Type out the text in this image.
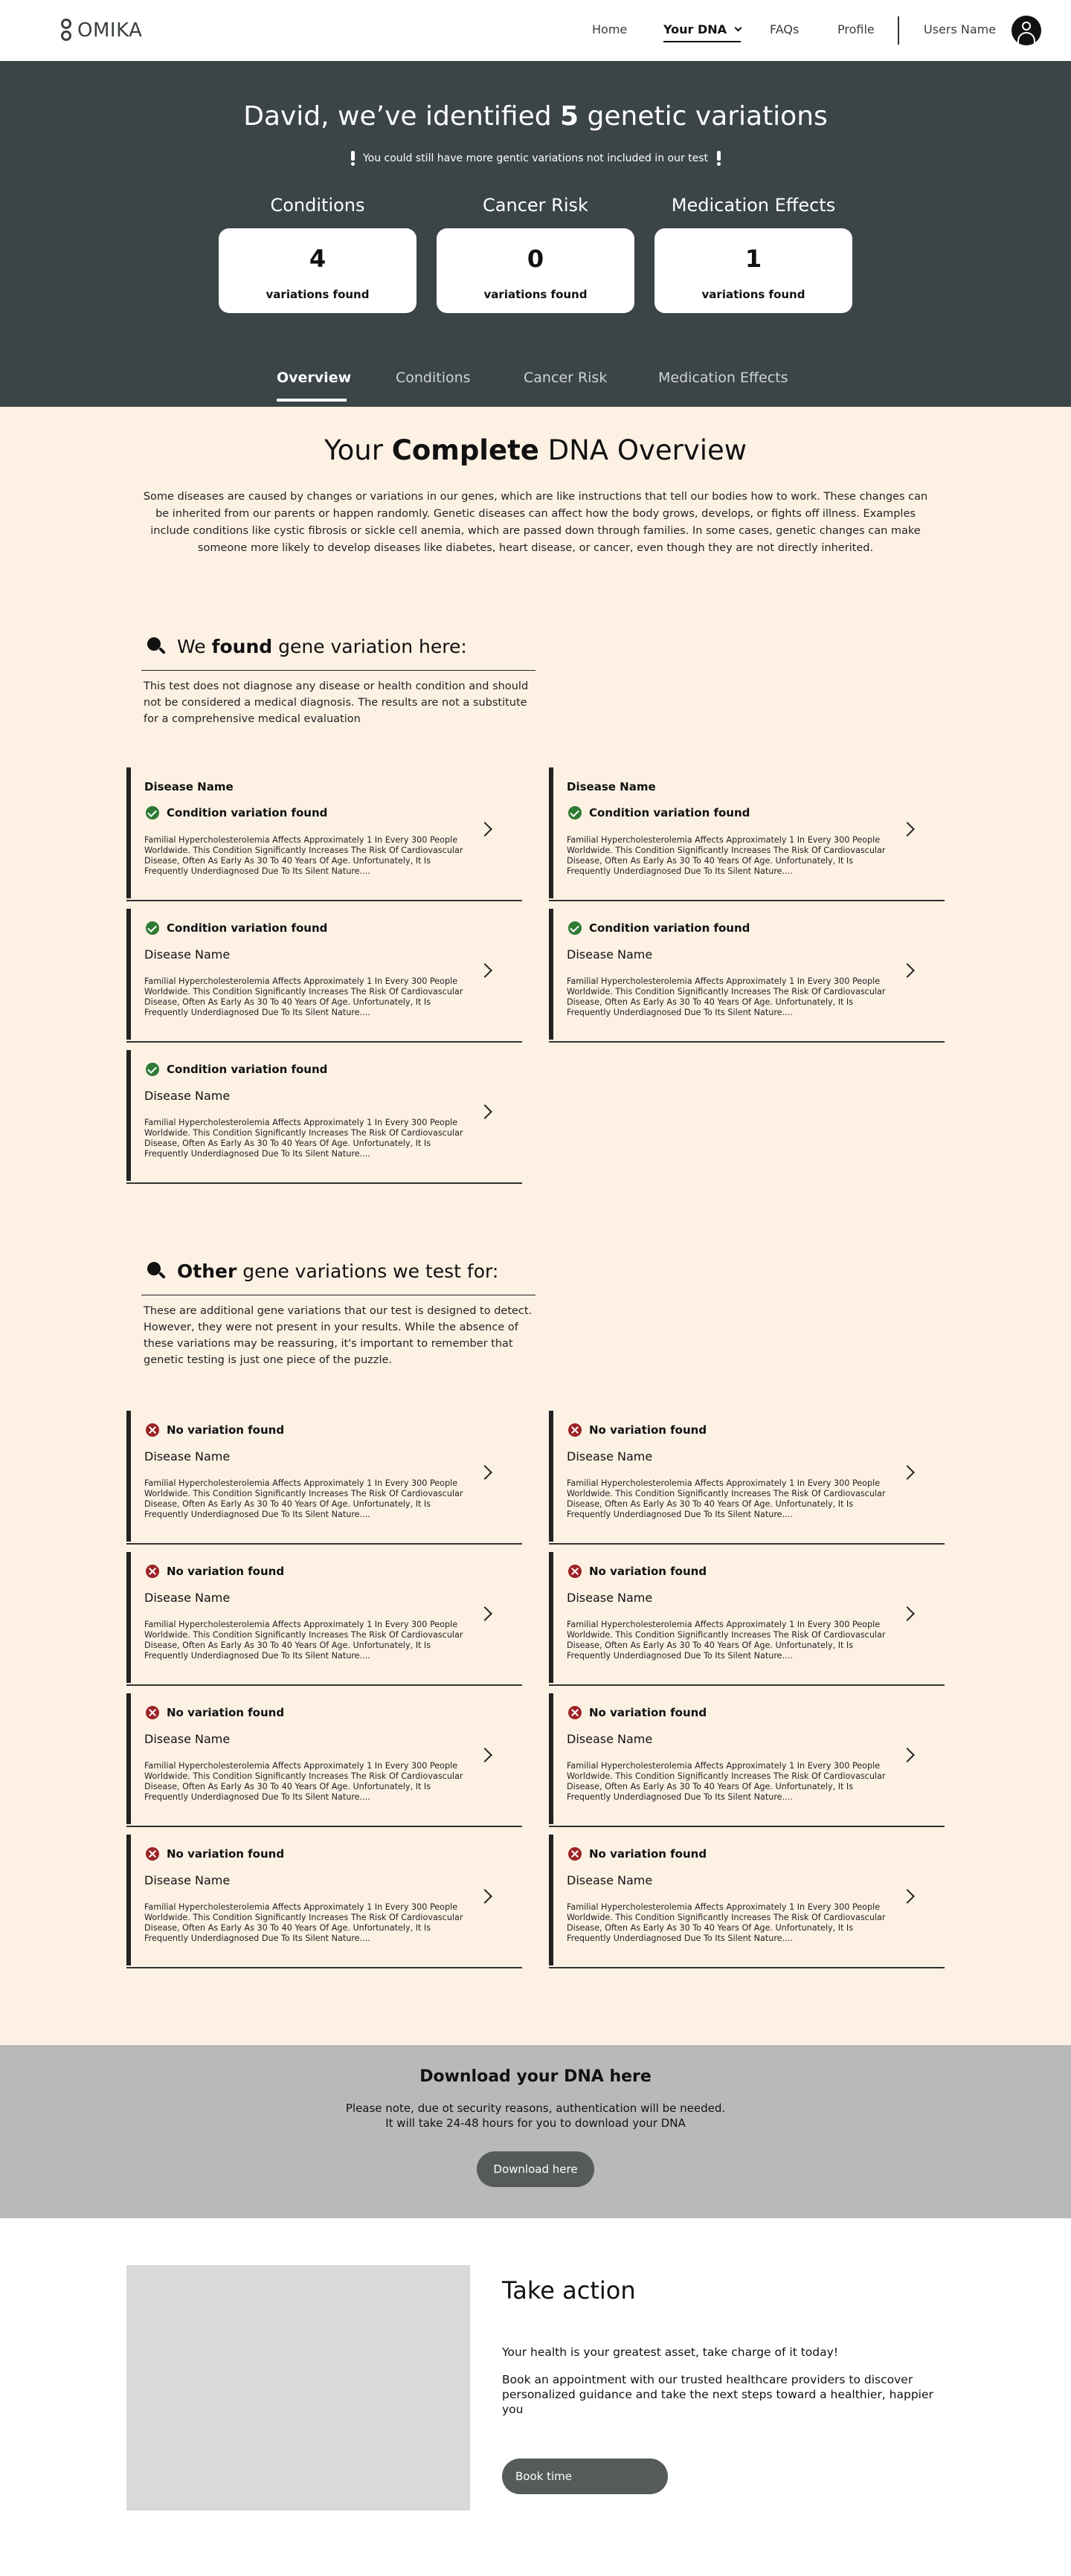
OMIKA	Home	Your DNA	FAQs	Profile	Users Name
David, we’ve identified 5 genetic variations
You could still have more gentic variations not included in our test
Conditions
4
variations found
Cancer Risk
0
variations found
Medication Effects
1
variations found
Overview	Conditions	Cancer Risk	Medication Effects
Your Complete DNA Overview

Some diseases are caused by changes or variations in our genes, which are like instructions that tell our bodies how to work. These changes can be inherited from our parents or happen randomly. Genetic diseases can affect how the body grows, develops, or fights off illness. Examples include conditions like cystic fibrosis or sickle cell anemia, which are passed down through families. In some cases, genetic changes can make someone more likely to develop diseases like diabetes, heart disease, or cancer, even though they are not directly inherited.

We found gene variation here:

This test does not diagnose any disease or health condition and should not be considered a medical diagnosis. The results are not a substitute for a comprehensive medical evaluation

Disease Name
Condition variation found
Familial Hypercholesterolemia Affects Approximately 1 In Every 300 People Worldwide. This Condition Significantly Increases The Risk Of Cardiovascular Disease, Often As Early As 30 To 40 Years Of Age. Unfortunately, It Is Frequently Underdiagnosed Due To Its Silent Nature....
Disease Name
Condition variation found
Familial Hypercholesterolemia Affects Approximately 1 In Every 300 People Worldwide. This Condition Significantly Increases The Risk Of Cardiovascular Disease, Often As Early As 30 To 40 Years Of Age. Unfortunately, It Is Frequently Underdiagnosed Due To Its Silent Nature....
Condition variation found
Disease Name
Familial Hypercholesterolemia Affects Approximately 1 In Every 300 People Worldwide. This Condition Significantly Increases The Risk Of Cardiovascular Disease, Often As Early As 30 To 40 Years Of Age. Unfortunately, It Is Frequently Underdiagnosed Due To Its Silent Nature....
Condition variation found
Disease Name
Familial Hypercholesterolemia Affects Approximately 1 In Every 300 People Worldwide. This Condition Significantly Increases The Risk Of Cardiovascular Disease, Often As Early As 30 To 40 Years Of Age. Unfortunately, It Is Frequently Underdiagnosed Due To Its Silent Nature....
Condition variation found
Disease Name
Familial Hypercholesterolemia Affects Approximately 1 In Every 300 People Worldwide. This Condition Significantly Increases The Risk Of Cardiovascular Disease, Often As Early As 30 To 40 Years Of Age. Unfortunately, It Is Frequently Underdiagnosed Due To Its Silent Nature....
Other gene variations we test for:

These are additional gene variations that our test is designed to detect. However, they were not present in your results. While the absence of these variations may be reassuring, it's important to remember that genetic testing is just one piece of the puzzle.

No variation found
Disease Name
Familial Hypercholesterolemia Affects Approximately 1 In Every 300 People Worldwide. This Condition Significantly Increases The Risk Of Cardiovascular Disease, Often As Early As 30 To 40 Years Of Age. Unfortunately, It Is Frequently Underdiagnosed Due To Its Silent Nature....
No variation found
Disease Name
Familial Hypercholesterolemia Affects Approximately 1 In Every 300 People Worldwide. This Condition Significantly Increases The Risk Of Cardiovascular Disease, Often As Early As 30 To 40 Years Of Age. Unfortunately, It Is Frequently Underdiagnosed Due To Its Silent Nature....
No variation found
Disease Name
Familial Hypercholesterolemia Affects Approximately 1 In Every 300 People Worldwide. This Condition Significantly Increases The Risk Of Cardiovascular Disease, Often As Early As 30 To 40 Years Of Age. Unfortunately, It Is Frequently Underdiagnosed Due To Its Silent Nature....
No variation found
Disease Name
Familial Hypercholesterolemia Affects Approximately 1 In Every 300 People Worldwide. This Condition Significantly Increases The Risk Of Cardiovascular Disease, Often As Early As 30 To 40 Years Of Age. Unfortunately, It Is Frequently Underdiagnosed Due To Its Silent Nature....
No variation found
Disease Name
Familial Hypercholesterolemia Affects Approximately 1 In Every 300 People Worldwide. This Condition Significantly Increases The Risk Of Cardiovascular Disease, Often As Early As 30 To 40 Years Of Age. Unfortunately, It Is Frequently Underdiagnosed Due To Its Silent Nature....
No variation found
Disease Name
Familial Hypercholesterolemia Affects Approximately 1 In Every 300 People Worldwide. This Condition Significantly Increases The Risk Of Cardiovascular Disease, Often As Early As 30 To 40 Years Of Age. Unfortunately, It Is Frequently Underdiagnosed Due To Its Silent Nature....
No variation found
Disease Name
Familial Hypercholesterolemia Affects Approximately 1 In Every 300 People Worldwide. This Condition Significantly Increases The Risk Of Cardiovascular Disease, Often As Early As 30 To 40 Years Of Age. Unfortunately, It Is Frequently Underdiagnosed Due To Its Silent Nature....
No variation found
Disease Name
Familial Hypercholesterolemia Affects Approximately 1 In Every 300 People Worldwide. This Condition Significantly Increases The Risk Of Cardiovascular Disease, Often As Early As 30 To 40 Years Of Age. Unfortunately, It Is Frequently Underdiagnosed Due To Its Silent Nature....
Download your DNA here

Please note, due ot security reasons, authentication will be needed.

It will take 24-48 hours for you to download your DNA

Download here
Take action

Your health is your greatest asset, take charge of it today!

Book an appointment with our trusted healthcare providers to discover personalized guidance and take the next steps toward a healthier, happier you

Book time
